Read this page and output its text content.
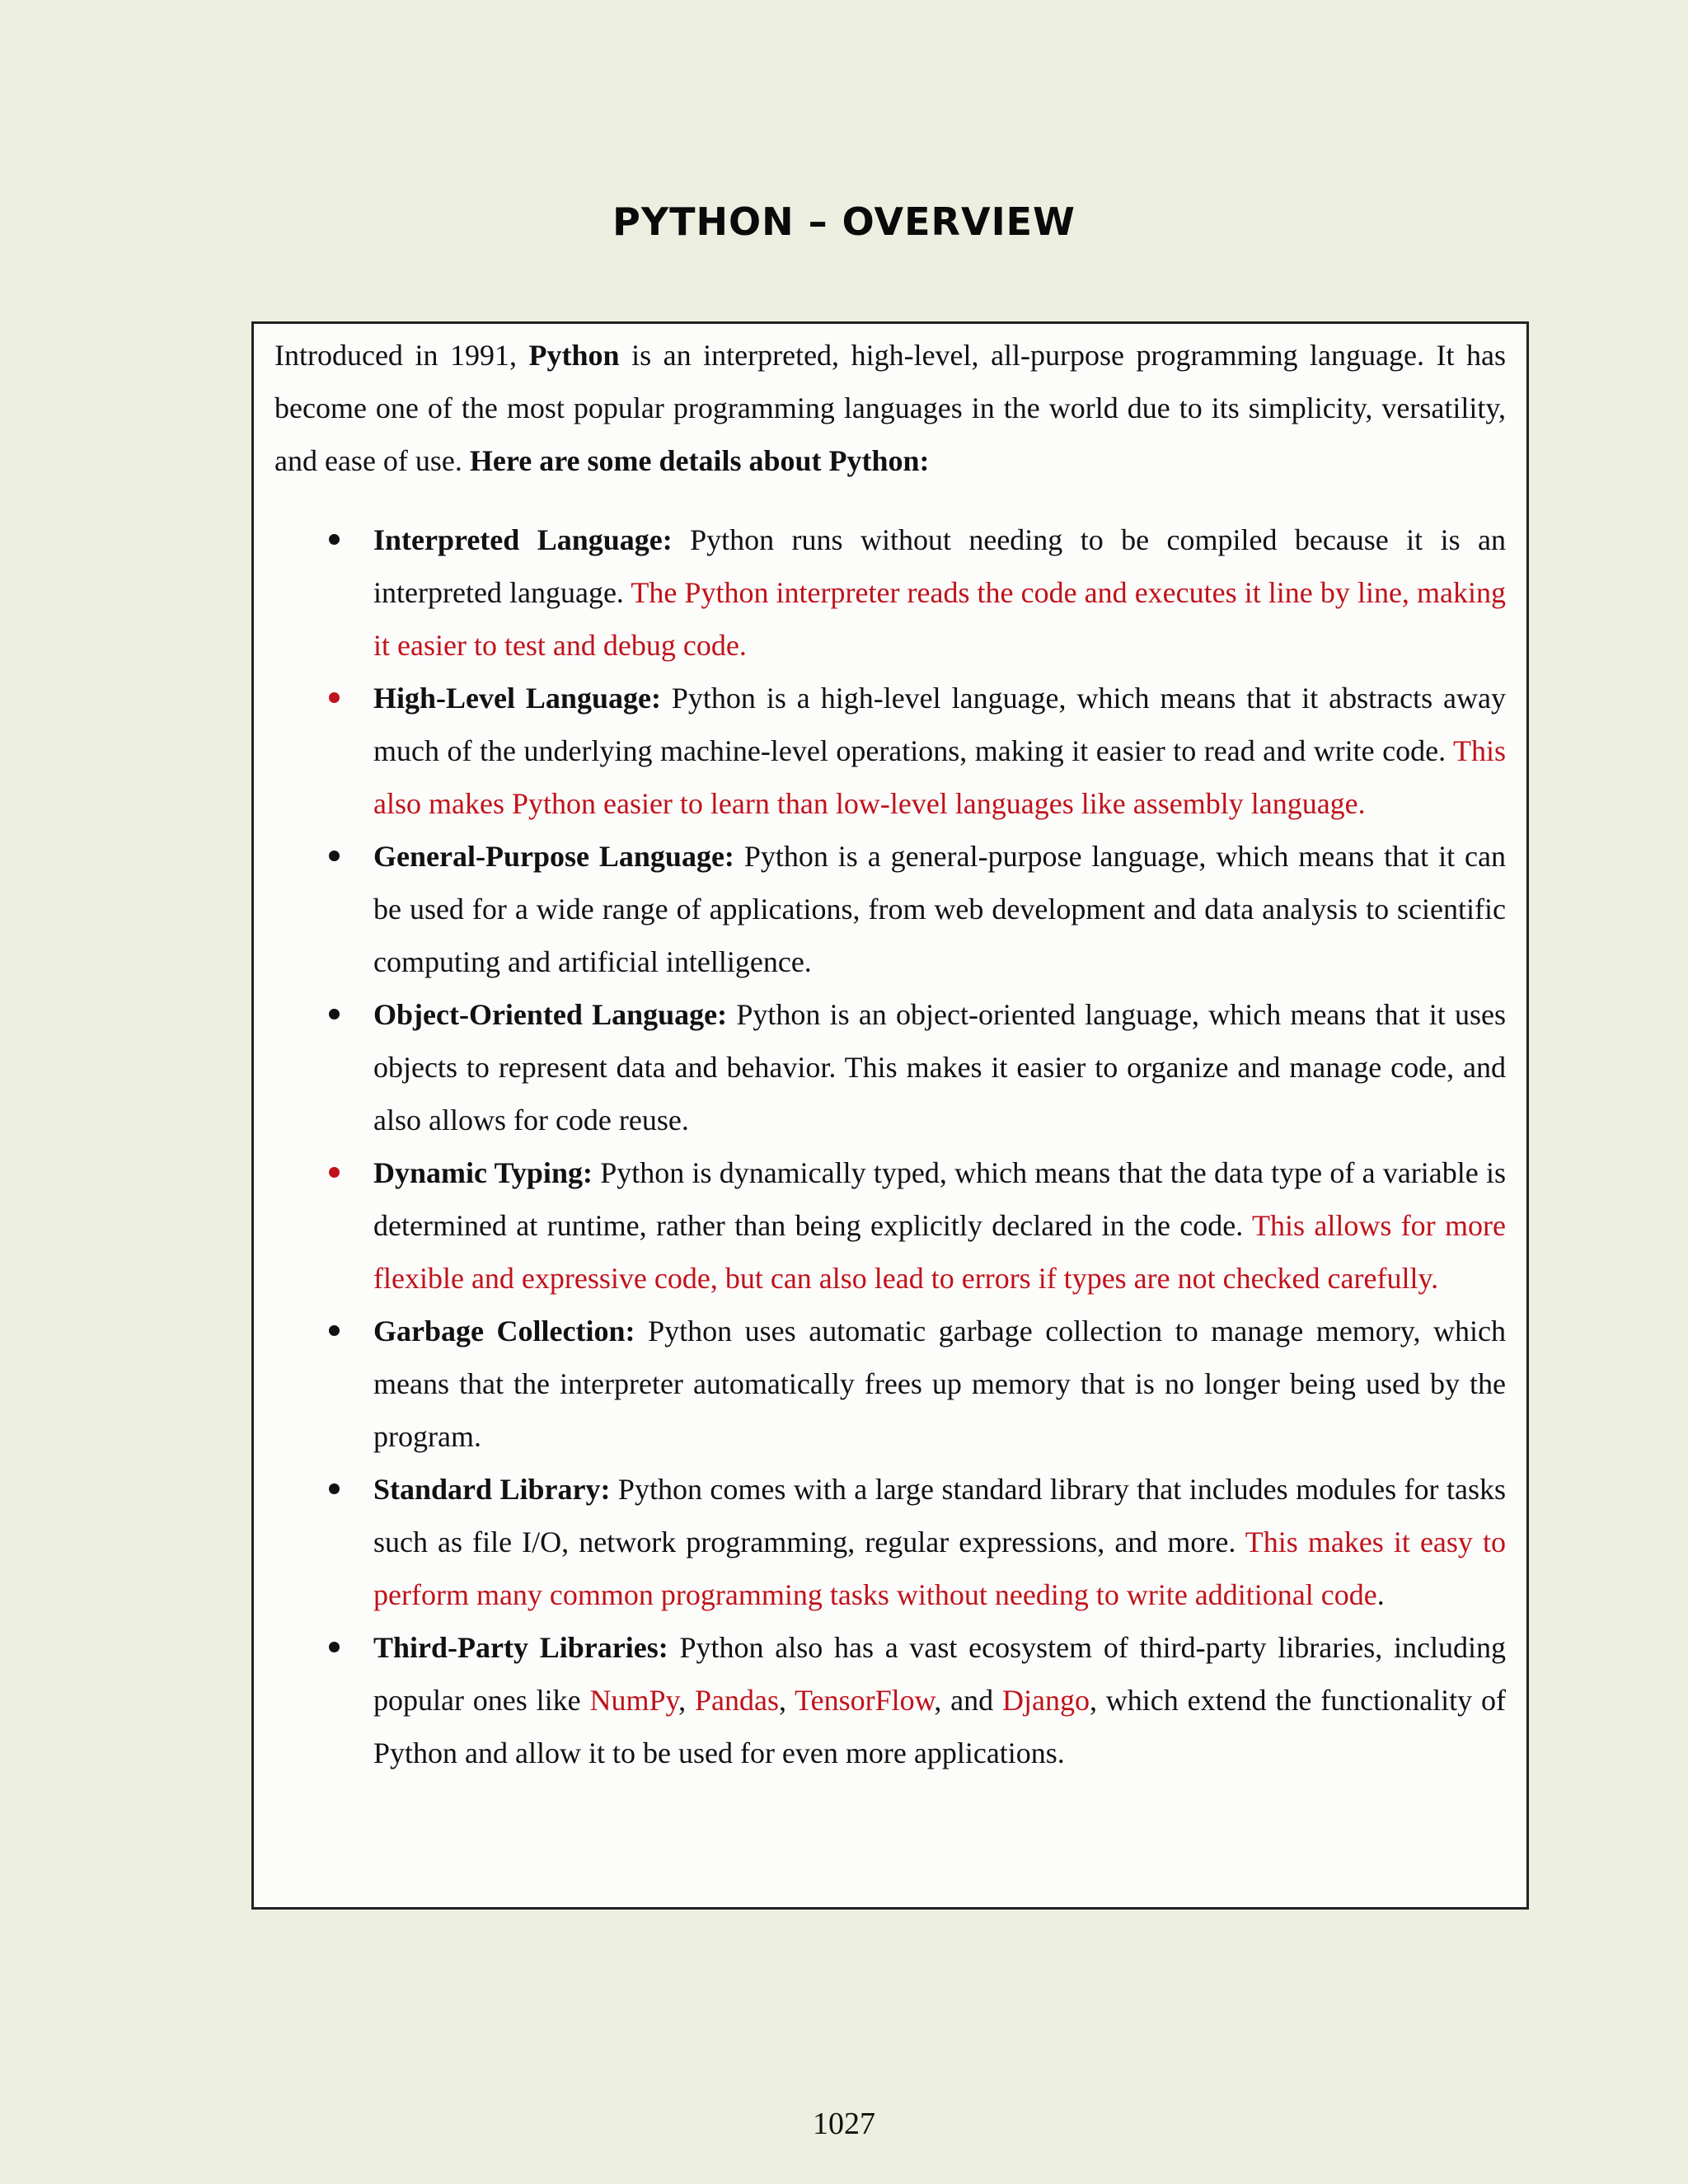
PYTHON – OVERVIEW

Introduced in 1991, Python is an interpreted, high-level, all-purpose programming language. It has become one of the most popular programming languages in the world due to its simplicity, versatility, and ease of use. Here are some details about Python:

Interpreted Language: Python runs without needing to be compiled because it is an interpreted language. The Python interpreter reads the code and executes it line by line, making it easier to test and debug code.
High-Level Language: Python is a high-level language, which means that it abstracts away much of the underlying machine-level operations, making it easier to read and write code. This also makes Python easier to learn than low-level languages like assembly language.
General-Purpose Language: Python is a general-purpose language, which means that it can be used for a wide range of applications, from web development and data analysis to scientific computing and artificial intelligence.
Object-Oriented Language: Python is an object-oriented language, which means that it uses objects to represent data and behavior. This makes it easier to organize and manage code, and also allows for code reuse.
Dynamic Typing: Python is dynamically typed, which means that the data type of a variable is determined at runtime, rather than being explicitly declared in the code. This allows for more flexible and expressive code, but can also lead to errors if types are not checked carefully.
Garbage Collection: Python uses automatic garbage collection to manage memory, which means that the interpreter automatically frees up memory that is no longer being used by the program.
Standard Library: Python comes with a large standard library that includes modules for tasks such as file I/O, network programming, regular expressions, and more. This makes it easy to perform many common programming tasks without needing to write additional code.
Third-Party Libraries: Python also has a vast ecosystem of third-party libraries, including popular ones like NumPy, Pandas, TensorFlow, and Django, which extend the functionality of Python and allow it to be used for even more applications.
1027
